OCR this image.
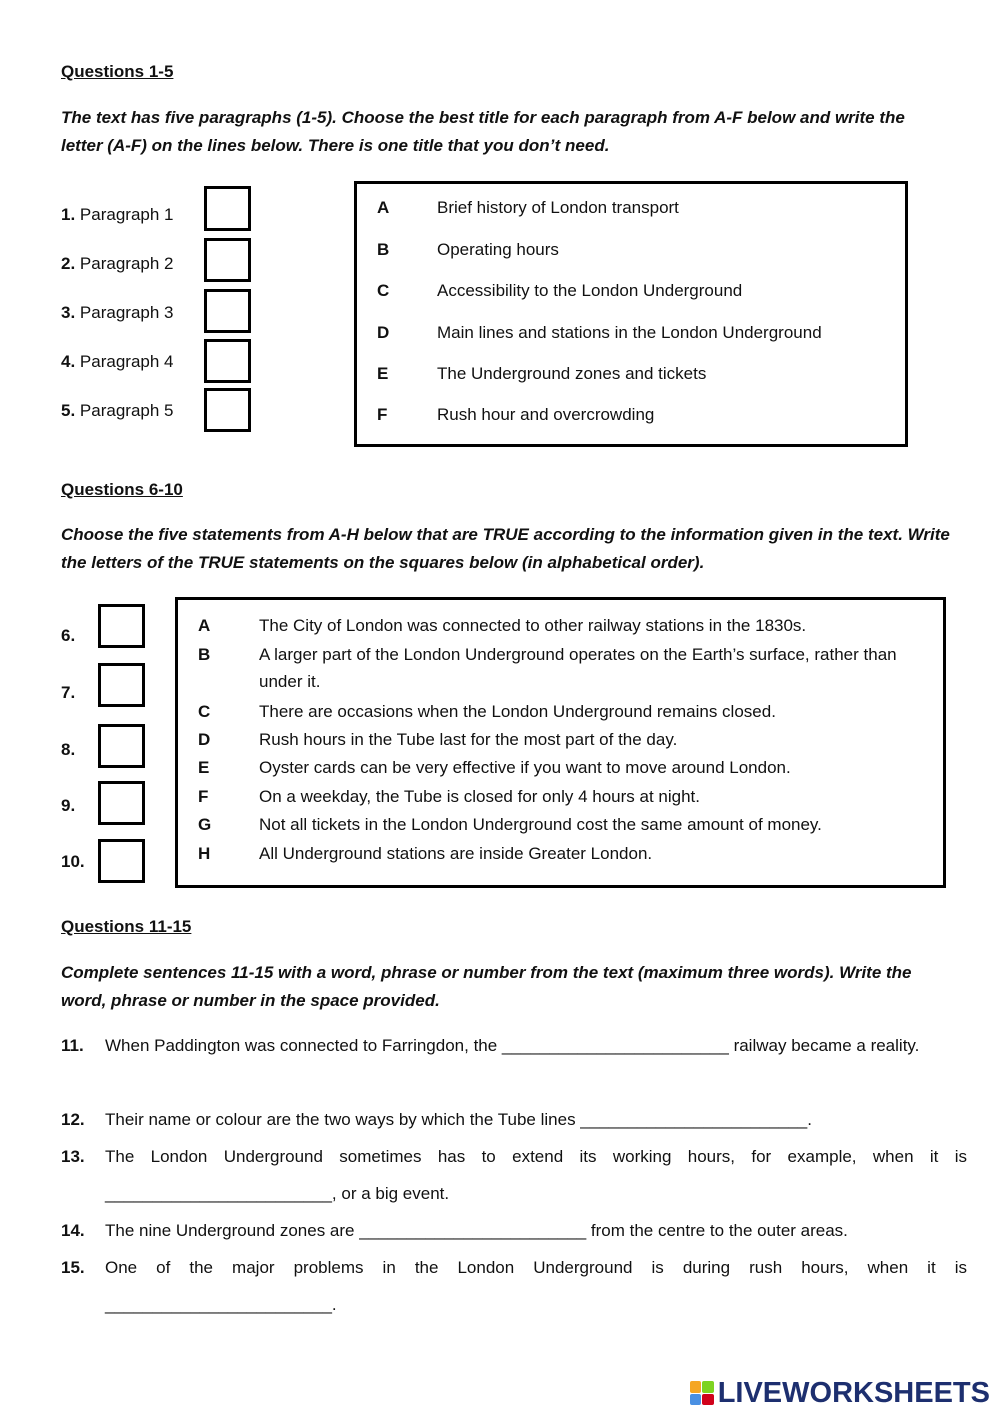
Questions 1-5
The text has five paragraphs (1-5). Choose the best title for each paragraph from A-F below and write the letter (A-F) on the lines below. There is one title that you don’t need.
1. Paragraph 1
2. Paragraph 2
3. Paragraph 3
4. Paragraph 4
5. Paragraph 5
A	Brief history of London transport
B	Operating hours
C	Accessibility to the London Underground
D	Main lines and stations in the London Underground
E	The Underground zones and tickets
F	Rush hour and overcrowding
Questions 6-10
Choose the five statements from A-H below that are TRUE according to the information given in the text. Write the letters of the TRUE statements on the squares below (in alphabetical order).
6.
7.
8.
9.
10.
A	The City of London was connected to other railway stations in the 1830s.
B	A larger part of the London Underground operates on the Earth’s surface, rather than under it.
C	There are occasions when the London Underground remains closed.
D	Rush hours in the Tube last for the most part of the day.
E	Oyster cards can be very effective if you want to move around London.
F	On a weekday, the Tube is closed for only 4 hours at night.
G	Not all tickets in the London Underground cost the same amount of money.
H	All Underground stations are inside Greater London.
Questions 11-15
Complete sentences 11-15 with a word, phrase or number from the text (maximum three words). Write the word, phrase or number in the space provided.
11. When Paddington was connected to Farringdon, the ________________________ railway became a reality.
12. Their name or colour are the two ways by which the Tube lines ________________________.
13. The London Underground sometimes has to extend its working hours, for example, when it is ________________________, or a big event.
14. The nine Underground zones are ________________________ from the centre to the outer areas.
15. One of the major problems in the London Underground is during rush hours, when it is ________________________.
LIVEWORKSHEETS
